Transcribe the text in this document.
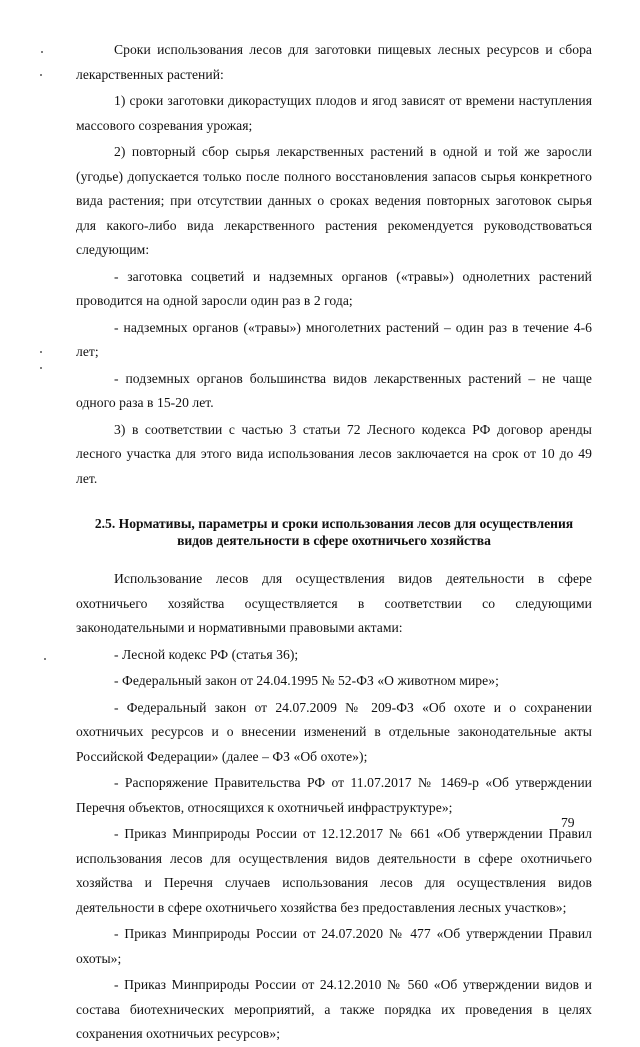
Сроки использования лесов для заготовки пищевых лесных ресурсов и сбора лекарственных растений:

1) сроки заготовки дикорастущих плодов и ягод зависят от времени наступления массового созревания урожая;

2) повторный сбор сырья лекарственных растений в одной и той же заросли (угодье) допускается только после полного восстановления запасов сырья конкретного вида растения; при отсутствии данных о сроках ведения повторных заготовок сырья для какого-либо вида лекарственного растения рекомендуется руководствоваться следующим:

- заготовка соцветий и надземных органов («травы») однолетних растений проводится на одной заросли один раз в 2 года;

- надземных органов («травы») многолетних растений – один раз в течение 4-6 лет;

- подземных органов большинства видов лекарственных растений – не чаще одного раза в 15-20 лет.

3) в соответствии с частью 3 статьи 72 Лесного кодекса РФ договор аренды лесного участка для этого вида использования лесов заключается на срок от 10 до 49 лет.

2.5. Нормативы, параметры и сроки использования лесов для осуществления
видов деятельности в сфере охотничьего хозяйства

Использование лесов для осуществления видов деятельности в сфере охотничьего хозяйства осуществляется в соответствии со следующими законодательными и нормативными правовыми актами:

- Лесной кодекс РФ (статья 36);

- Федеральный закон от 24.04.1995 № 52-ФЗ «О животном мире»;

- Федеральный закон от 24.07.2009 № 209-ФЗ «Об охоте и о сохранении охотничьих ресурсов и о внесении изменений в отдельные законодательные акты Российской Федерации» (далее – ФЗ «Об охоте»);

- Распоряжение Правительства РФ от 11.07.2017 № 1469-р «Об утверждении Перечня объектов, относящихся к охотничьей инфраструктуре»;

- Приказ Минприроды России от 12.12.2017 № 661 «Об утверждении Правил использования лесов для осуществления видов деятельности в сфере охотничьего хозяйства и Перечня случаев использования лесов для осуществления видов деятельности в сфере охотничьего хозяйства без предоставления лесных участков»;

- Приказ Минприроды России от 24.07.2020 № 477 «Об утверждении Правил охоты»;

- Приказ Минприроды России от 24.12.2010 № 560 «Об утверждении видов и состава биотехнических мероприятий, а также порядка их проведения в целях сохранения охотничьих ресурсов»;

79
